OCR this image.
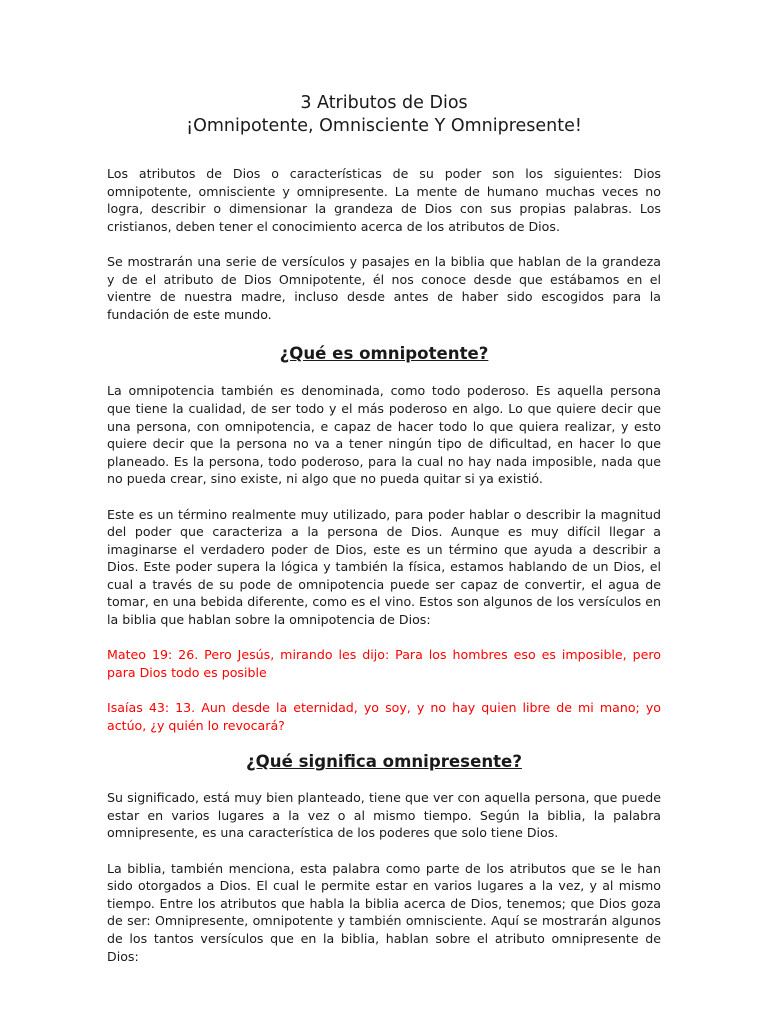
3 Atributos de Dios
¡Omnipotente, Omnisciente Y Omnipresente!

Los atributos de Dios o características de su poder son los siguientes: Dios omnipotente, omnisciente y omnipresente. La mente de humano muchas veces no logra, describir o dimensionar la grandeza de Dios con sus propias palabras. Los cristianos, deben tener el conocimiento acerca de los atributos de Dios.

Se mostrarán una serie de versículos y pasajes en la biblia que hablan de la grandeza y de el atributo de Dios Omnipotente, él nos conoce desde que estábamos en el vientre de nuestra madre, incluso desde antes de haber sido escogidos para la fundación de este mundo.

¿Qué es omnipotente?

La omnipotencia también es denominada, como todo poderoso. Es aquella persona que tiene la cualidad, de ser todo y el más poderoso en algo. Lo que quiere decir que una persona, con omnipotencia, e capaz de hacer todo lo que quiera realizar, y esto quiere decir que la persona no va a tener ningún tipo de dificultad, en hacer lo que planeado. Es la persona, todo poderoso, para la cual no hay nada imposible, nada que no pueda crear, sino existe, ni algo que no pueda quitar si ya existió.

Este es un término realmente muy utilizado, para poder hablar o describir la magnitud del poder que caracteriza a la persona de Dios. Aunque es muy difícil llegar a imaginarse el verdadero poder de Dios, este es un término que ayuda a describir a Dios. Este poder supera la lógica y también la física, estamos hablando de un Dios, el cual a través de su pode de omnipotencia puede ser capaz de convertir, el agua de tomar, en una bebida diferente, como es el vino. Estos son algunos de los versículos en la biblia que hablan sobre la omnipotencia de Dios:

Mateo 19: 26. Pero Jesús, mirando les dijo: Para los hombres eso es imposible, pero para Dios todo es posible

Isaías 43: 13. Aun desde la eternidad, yo soy, y no hay quien libre de mi mano; yo actúo, ¿y quién lo revocará?

¿Qué significa omnipresente?

Su significado, está muy bien planteado, tiene que ver con aquella persona, que puede estar en varios lugares a la vez o al mismo tiempo. Según la biblia, la palabra omnipresente, es una característica de los poderes que solo tiene Dios.

La biblia, también menciona, esta palabra como parte de los atributos que se le han sido otorgados a Dios. El cual le permite estar en varios lugares a la vez, y al mismo tiempo. Entre los atributos que habla la biblia acerca de Dios, tenemos; que Dios goza de ser: Omnipresente, omnipotente y también omnisciente. Aquí se mostrarán algunos de los tantos versículos que en la biblia, hablan sobre el atributo omnipresente de Dios:
